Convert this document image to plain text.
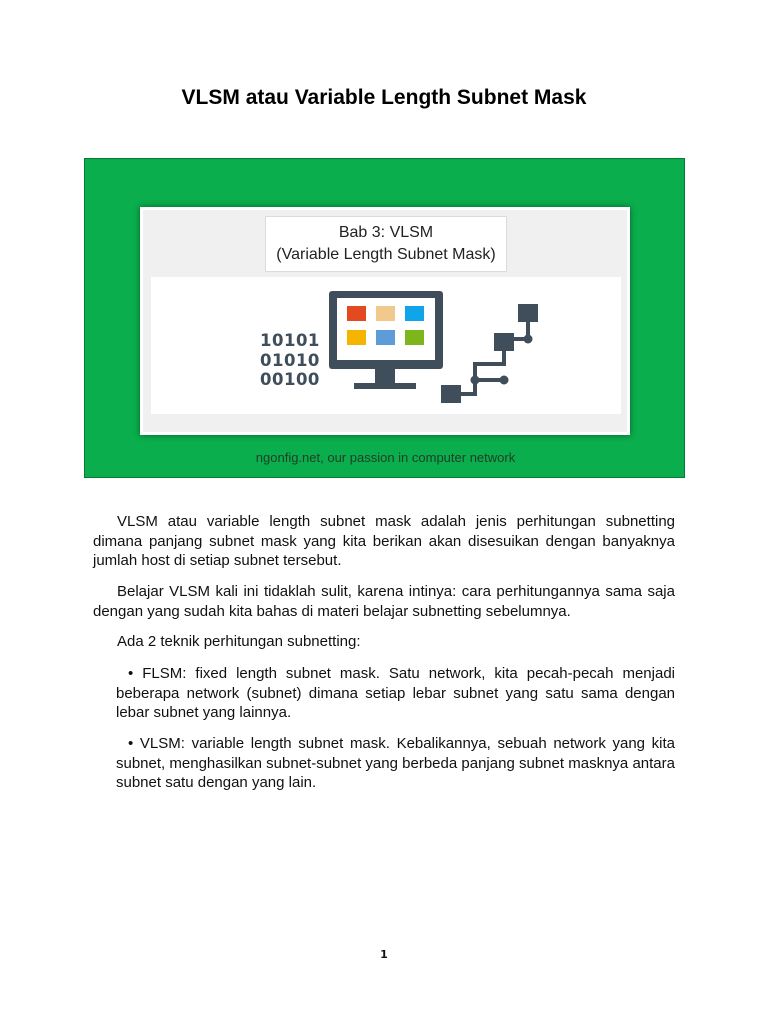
VLSM atau Variable Length Subnet Mask
Bab 3: VLSM
(Variable Length Subnet Mask)
10101
01010
00100
ngonfig.net, our passion in computer network

VLSM atau variable length subnet mask adalah jenis perhitungan subnetting dimana panjang subnet mask yang kita berikan akan disesuikan dengan banyaknya jumlah host di setiap subnet tersebut.

Belajar VLSM kali ini tidaklah sulit, karena intinya: cara perhitungannya sama saja dengan yang sudah kita bahas di materi belajar subnetting sebelumnya.

Ada 2 teknik perhitungan subnetting:

• FLSM: fixed length subnet mask. Satu network, kita pecah-pecah menjadi beberapa network (subnet) dimana setiap lebar subnet yang satu sama dengan lebar subnet yang lainnya.

• VLSM: variable length subnet mask. Kebalikannya, sebuah network yang kita subnet, menghasilkan subnet-subnet yang berbeda panjang subnet masknya antara subnet satu dengan yang lain.

1
